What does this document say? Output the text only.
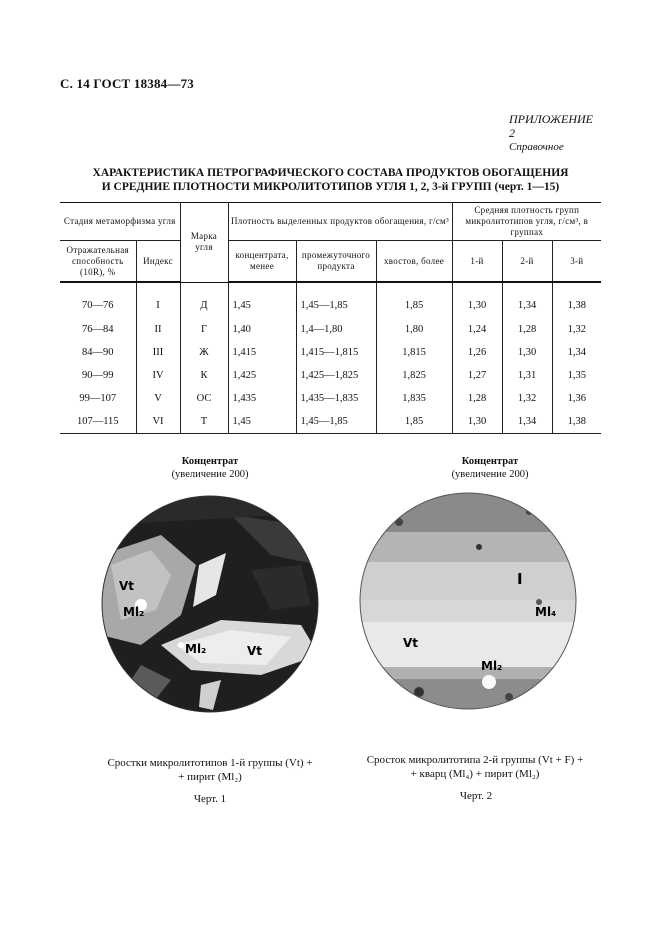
С. 14 ГОСТ 18384—73
ПРИЛОЖЕНИЕ 2
Справочное
ХАРАКТЕРИСТИКА ПЕТРОГРАФИЧЕСКОГО СОСТАВА ПРОДУКТОВ ОБОГАЩЕНИЯ
И СРЕДНИЕ ПЛОТНОСТИ МИКРОЛИТОТИПОВ УГЛЯ 1, 2, 3-й ГРУПП (черт. 1—15)
Стадия метаморфизма угля		Марка угля	Плотность выделенных продуктов обогащения, г/см³			Средняя плотность групп микролитотипов угля, г/см³, в группах		
Отражательная способность (10R), %	Индекс		концентрата, менее	промежуточного продукта	хвостов, более	1-й	2-й	3-й

70—76	I	Д	1,45	1,45—1,85	1,85	1,30	1,34	1,38
76—84	II	Г	1,40	1,4—1,80	1,80	1,24	1,28	1,32
84—90	III	Ж	1,415	1,415—1,815	1,815	1,26	1,30	1,34
90—99	IV	К	1,425	1,425—1,825	1,825	1,27	1,31	1,35
99—107	V	ОС	1,435	1,435—1,835	1,835	1,28	1,32	1,36
107—115	VI	Т	1,45	1,45—1,85	1,85	1,30	1,34	1,38
Концентрат
(увеличение 200)
Vt
Ml₂
Ml₂	Vt
Сростки микролитотипов 1-й группы (Vt) +
+ пирит (Ml₂)
Черт. 1
Концентрат
(увеличение 200)
I
Ml₄
Vt
Ml₂
Сросток микролитотипа 2-й группы (Vt + F) +
+ кварц (Ml₄) + пирит (Ml₂)
Черт. 2
